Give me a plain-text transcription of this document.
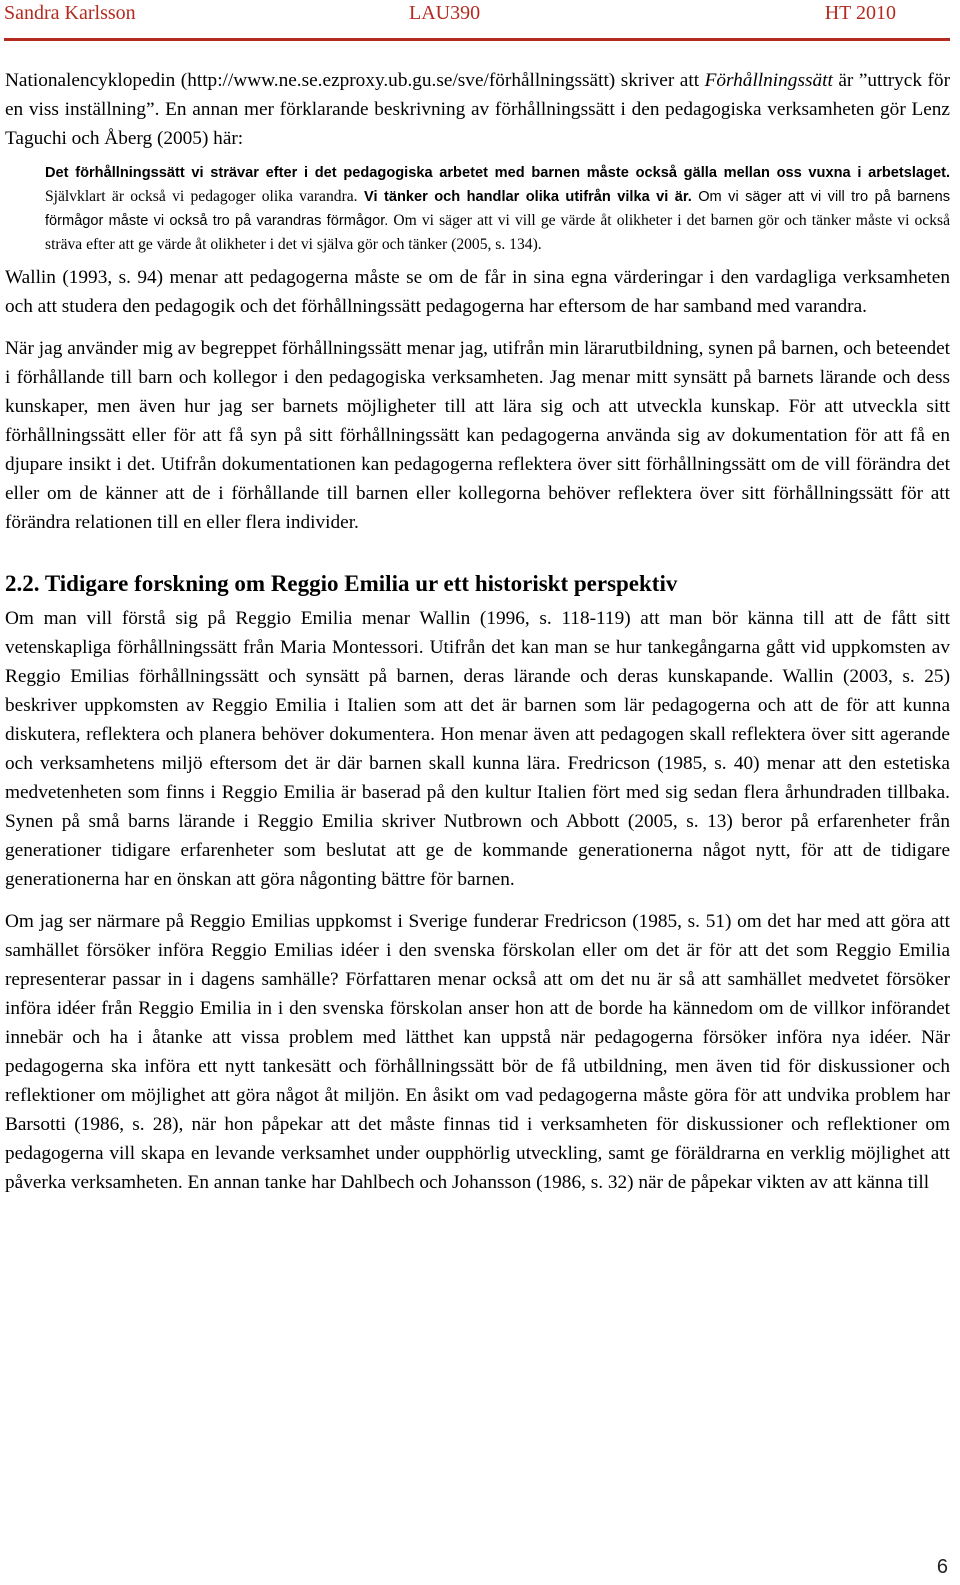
Sandra Karlsson	LAU390	HT 2010

Nationalencyklopedin (http://www.ne.se.ezproxy.ub.gu.se/sve/förhållningssätt) skriver att Förhållningssätt är ”uttryck för en viss inställning”. En annan mer förklarande beskrivning av förhållningssätt i den pedagogiska verksamheten gör Lenz Taguchi och Åberg (2005) här:

Det förhållningssätt vi strävar efter i det pedagogiska arbetet med barnen måste också gälla mellan oss vuxna i arbetslaget. Självklart är också vi pedagoger olika varandra. Vi tänker och handlar olika utifrån vilka vi är. Om vi säger att vi vill tro på barnens förmågor måste vi också tro på varandras förmågor. Om vi säger att vi vill ge värde åt olikheter i det barnen gör och tänker måste vi också sträva efter att ge värde åt olikheter i det vi själva gör och tänker (2005, s. 134).

Wallin (1993, s. 94) menar att pedagogerna måste se om de får in sina egna värderingar i den vardagliga verksamheten och att studera den pedagogik och det förhållningssätt pedagogerna har eftersom de har samband med varandra.

När jag använder mig av begreppet förhållningssätt menar jag, utifrån min lärarutbildning, synen på barnen, och beteendet i förhållande till barn och kollegor i den pedagogiska verksamheten. Jag menar mitt synsätt på barnets lärande och dess kunskaper, men även hur jag ser barnets möjligheter till att lära sig och att utveckla kunskap. För att utveckla sitt förhållningssätt eller för att få syn på sitt förhållningssätt kan pedagogerna använda sig av dokumentation för att få en djupare insikt i det. Utifrån dokumentationen kan pedagogerna reflektera över sitt förhållningssätt om de vill förändra det eller om de känner att de i förhållande till barnen eller kollegorna behöver reflektera över sitt förhållningssätt för att förändra relationen till en eller flera individer.

2.2. Tidigare forskning om Reggio Emilia ur ett historiskt perspektiv

Om man vill förstå sig på Reggio Emilia menar Wallin (1996, s. 118-119) att man bör känna till att de fått sitt vetenskapliga förhållningssätt från Maria Montessori. Utifrån det kan man se hur tankegångarna gått vid uppkomsten av Reggio Emilias förhållningssätt och synsätt på barnen, deras lärande och deras kunskapande. Wallin (2003, s. 25) beskriver uppkomsten av Reggio Emilia i Italien som att det är barnen som lär pedagogerna och att de för att kunna diskutera, reflektera och planera behöver dokumentera. Hon menar även att pedagogen skall reflektera över sitt agerande och verksamhetens miljö eftersom det är där barnen skall kunna lära. Fredricson (1985, s. 40) menar att den estetiska medvetenheten som finns i Reggio Emilia är baserad på den kultur Italien fört med sig sedan flera århundraden tillbaka. Synen på små barns lärande i Reggio Emilia skriver Nutbrown och Abbott (2005, s. 13) beror på erfarenheter från generationer tidigare erfarenheter som beslutat att ge de kommande generationerna något nytt, för att de tidigare generationerna har en önskan att göra någonting bättre för barnen.

Om jag ser närmare på Reggio Emilias uppkomst i Sverige funderar Fredricson (1985, s. 51) om det har med att göra att samhället försöker införa Reggio Emilias idéer i den svenska förskolan eller om det är för att det som Reggio Emilia representerar passar in i dagens samhälle? Författaren menar också att om det nu är så att samhället medvetet försöker införa idéer från Reggio Emilia in i den svenska förskolan anser hon att de borde ha kännedom om de villkor införandet innebär och ha i åtanke att vissa problem med lätthet kan uppstå när pedagogerna försöker införa nya idéer. När pedagogerna ska införa ett nytt tankesätt och förhållningssätt bör de få utbildning, men även tid för diskussioner och reflektioner om möjlighet att göra något åt miljön. En åsikt om vad pedagogerna måste göra för att undvika problem har Barsotti (1986, s. 28), när hon påpekar att det måste finnas tid i verksamheten för diskussioner och reflektioner om pedagogerna vill skapa en levande verksamhet under oupphörlig utveckling, samt ge föräldrarna en verklig möjlighet att påverka verksamheten. En annan tanke har Dahlbech och Johansson (1986, s. 32) när de påpekar vikten av att känna till

6
